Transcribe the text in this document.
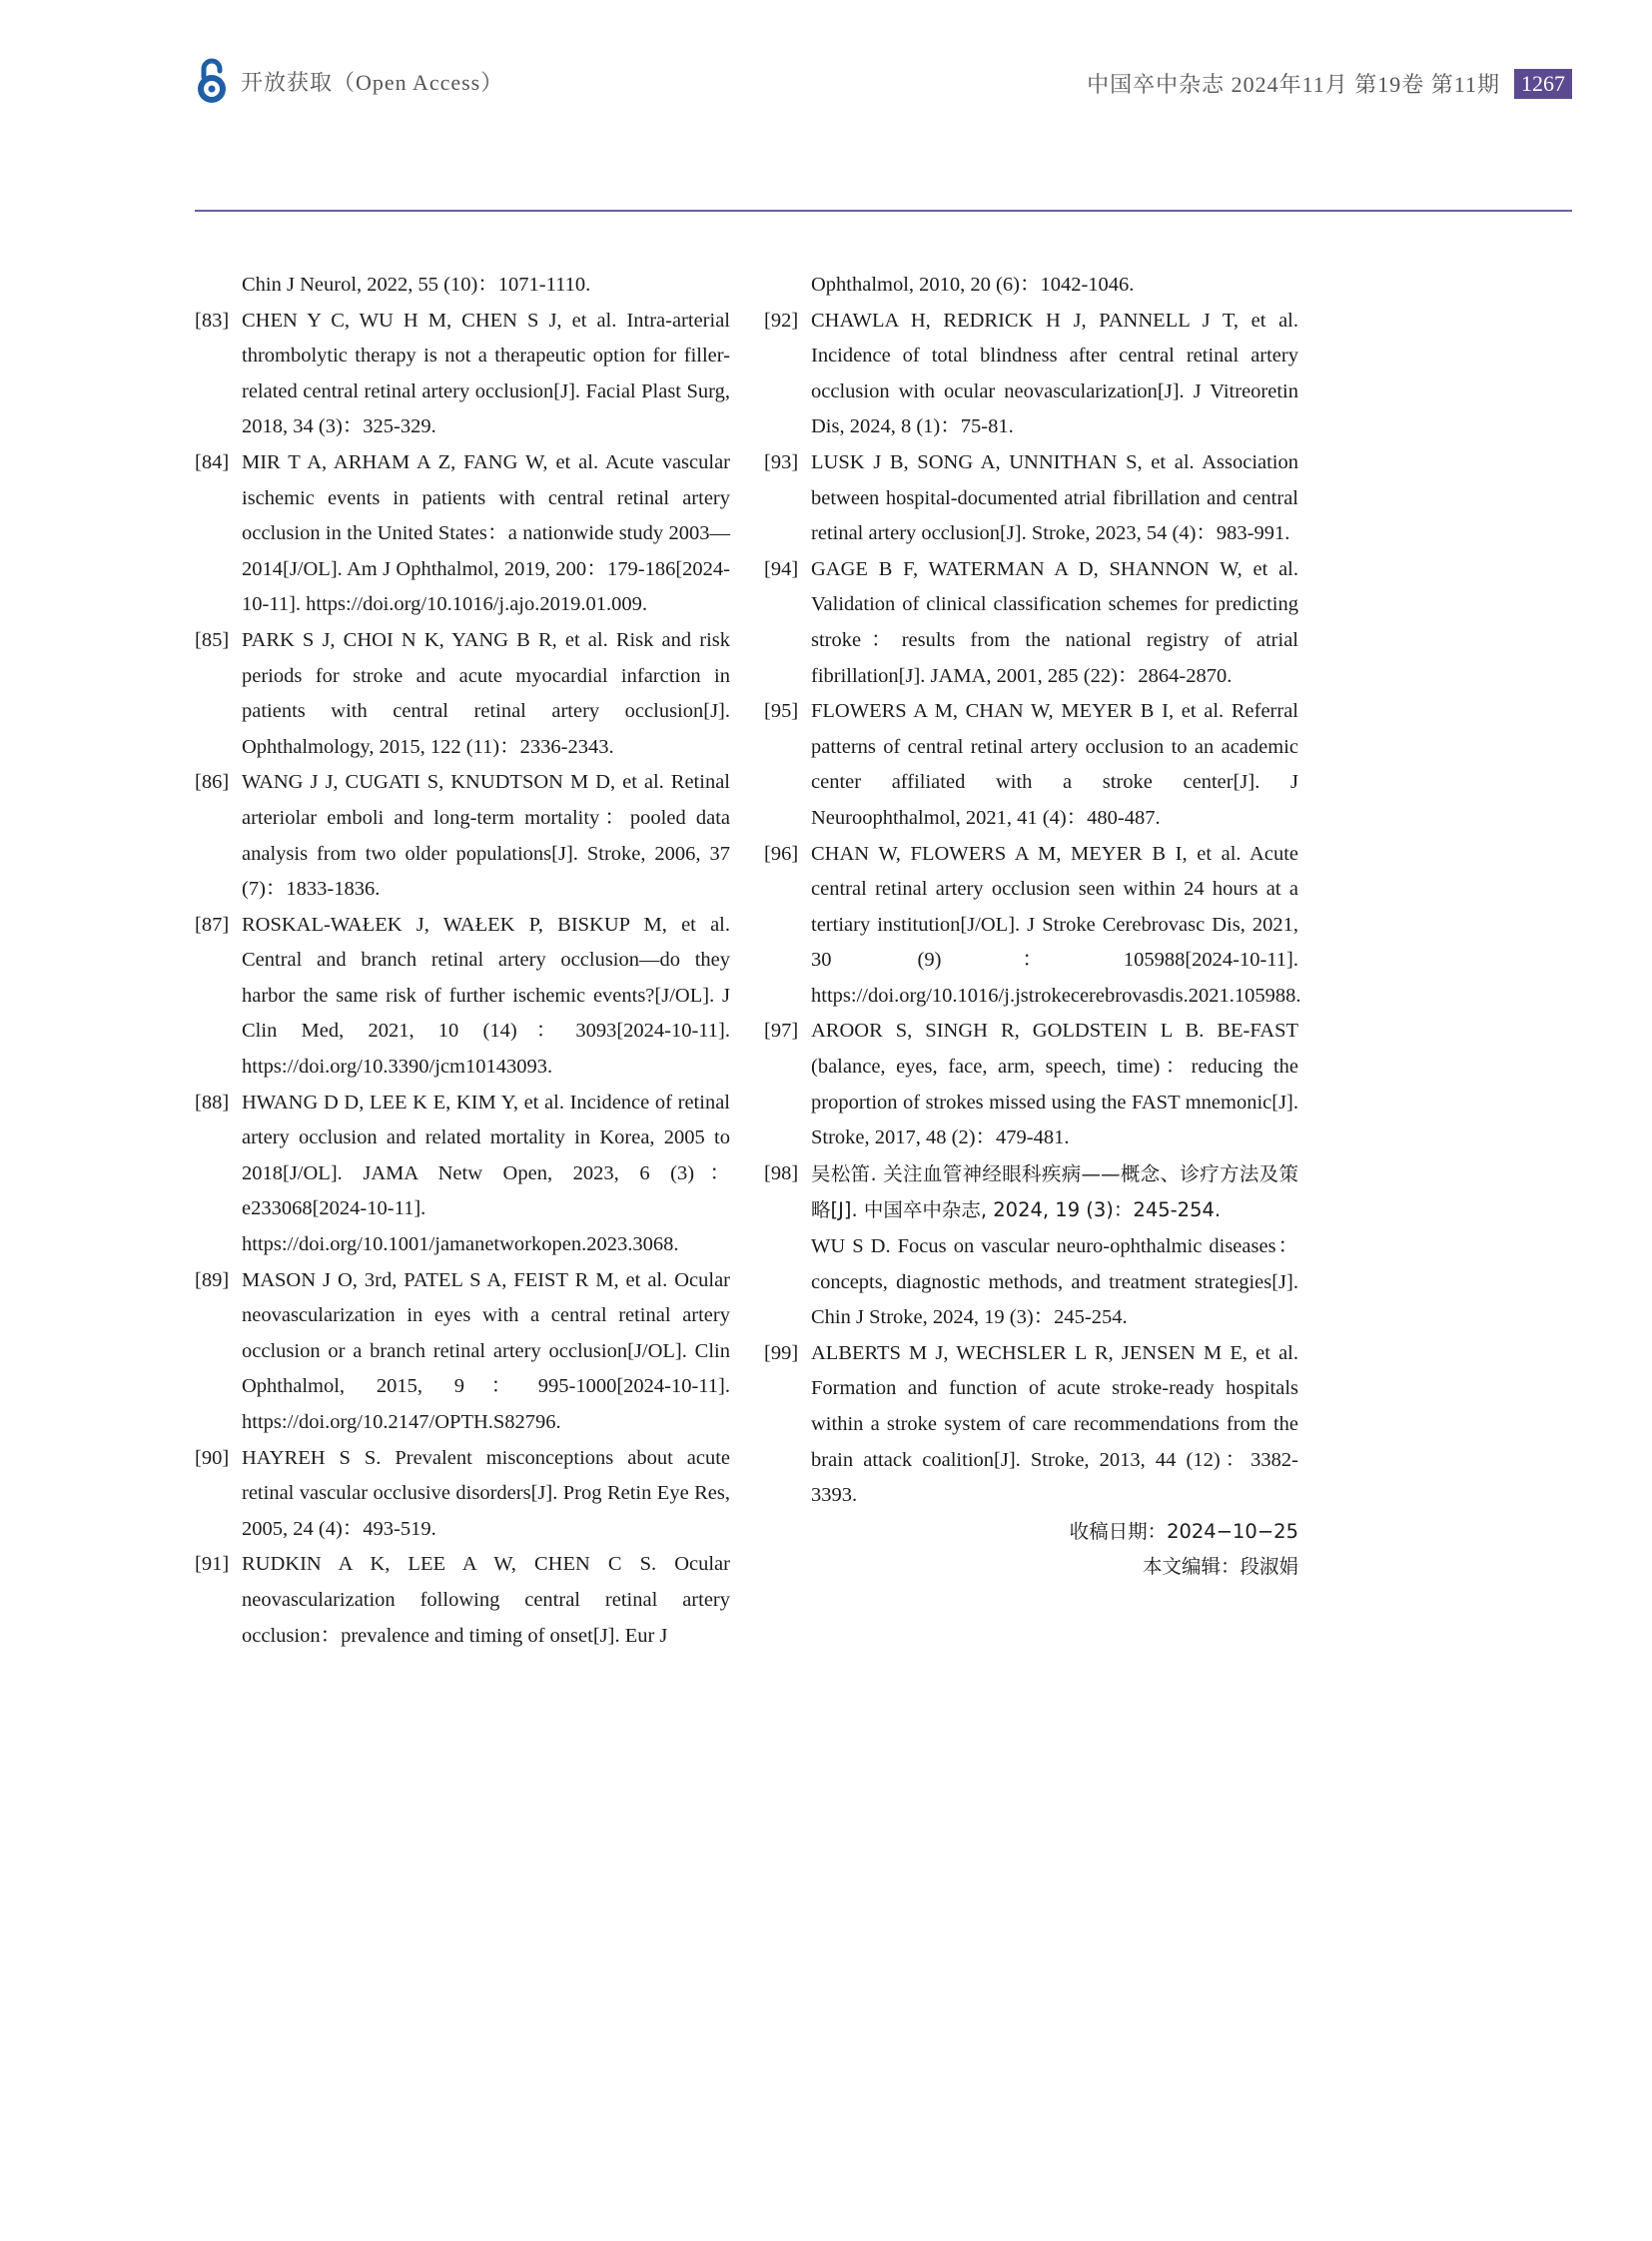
开放获取（Open Access）	中国卒中杂志 2024年11月 第19卷 第11期 1267
Chin J Neurol, 2022, 55 (10)：1071-1110.
[83] CHEN Y C, WU H M, CHEN S J, et al. Intra-arterial thrombolytic therapy is not a therapeutic option for filler-related central retinal artery occlusion[J]. Facial Plast Surg, 2018, 34 (3)：325-329.
[84] MIR T A, ARHAM A Z, FANG W, et al. Acute vascular ischemic events in patients with central retinal artery occlusion in the United States：a nationwide study 2003—2014[J/OL]. Am J Ophthalmol, 2019, 200：179-186[2024-10-11]. https://doi.org/10.1016/j.ajo.2019.01.009.
[85] PARK S J, CHOI N K, YANG B R, et al. Risk and risk periods for stroke and acute myocardial infarction in patients with central retinal artery occlusion[J]. Ophthalmology, 2015, 122 (11)：2336-2343.
[86] WANG J J, CUGATI S, KNUDTSON M D, et al. Retinal arteriolar emboli and long-term mortality：pooled data analysis from two older populations[J]. Stroke, 2006, 37 (7)：1833-1836.
[87] ROSKAL-WAŁEK J, WAŁEK P, BISKUP M, et al. Central and branch retinal artery occlusion—do they harbor the same risk of further ischemic events?[J/OL]. J Clin Med, 2021, 10 (14)：3093[2024-10-11]. https://doi.org/10.3390/jcm10143093.
[88] HWANG D D, LEE K E, KIM Y, et al. Incidence of retinal artery occlusion and related mortality in Korea, 2005 to 2018[J/OL]. JAMA Netw Open, 2023, 6 (3)：e233068[2024-10-11]. https://doi.org/10.1001/jamanetworkopen.2023.3068.
[89] MASON J O, 3rd, PATEL S A, FEIST R M, et al. Ocular neovascularization in eyes with a central retinal artery occlusion or a branch retinal artery occlusion[J/OL]. Clin Ophthalmol, 2015, 9：995-1000[2024-10-11]. https://doi.org/10.2147/OPTH.S82796.
[90] HAYREH S S. Prevalent misconceptions about acute retinal vascular occlusive disorders[J]. Prog Retin Eye Res, 2005, 24 (4)：493-519.
[91] RUDKIN A K, LEE A W, CHEN C S. Ocular neovascularization following central retinal artery occlusion：prevalence and timing of onset[J]. Eur J
Ophthalmol, 2010, 20 (6)：1042-1046.
[92] CHAWLA H, REDRICK H J, PANNELL J T, et al. Incidence of total blindness after central retinal artery occlusion with ocular neovascularization[J]. J Vitreoretin Dis, 2024, 8 (1)：75-81.
[93] LUSK J B, SONG A, UNNITHAN S, et al. Association between hospital-documented atrial fibrillation and central retinal artery occlusion[J]. Stroke, 2023, 54 (4)：983-991.
[94] GAGE B F, WATERMAN A D, SHANNON W, et al. Validation of clinical classification schemes for predicting stroke：results from the national registry of atrial fibrillation[J]. JAMA, 2001, 285 (22)：2864-2870.
[95] FLOWERS A M, CHAN W, MEYER B I, et al. Referral patterns of central retinal artery occlusion to an academic center affiliated with a stroke center[J]. J Neuroophthalmol, 2021, 41 (4)：480-487.
[96] CHAN W, FLOWERS A M, MEYER B I, et al. Acute central retinal artery occlusion seen within 24 hours at a tertiary institution[J/OL]. J Stroke Cerebrovasc Dis, 2021, 30 (9)：105988[2024-10-11]. https://doi.org/10.1016/j.jstrokecerebrovasdis.2021.105988.
[97] AROOR S, SINGH R, GOLDSTEIN L B. BE-FAST (balance, eyes, face, arm, speech, time)：reducing the proportion of strokes missed using the FAST mnemonic[J]. Stroke, 2017, 48 (2)：479-481.
[98] 吴松笛. 关注血管神经眼科疾病——概念、诊疗方法及策略[J]. 中国卒中杂志, 2024, 19 (3)：245-254.
WU S D. Focus on vascular neuro-ophthalmic diseases：concepts, diagnostic methods, and treatment strategies[J]. Chin J Stroke, 2024, 19 (3)：245-254.
[99] ALBERTS M J, WECHSLER L R, JENSEN M E, et al. Formation and function of acute stroke-ready hospitals within a stroke system of care recommendations from the brain attack coalition[J]. Stroke, 2013, 44 (12)：3382-3393.
收稿日期：2024−10−25
本文编辑：段淑娟
